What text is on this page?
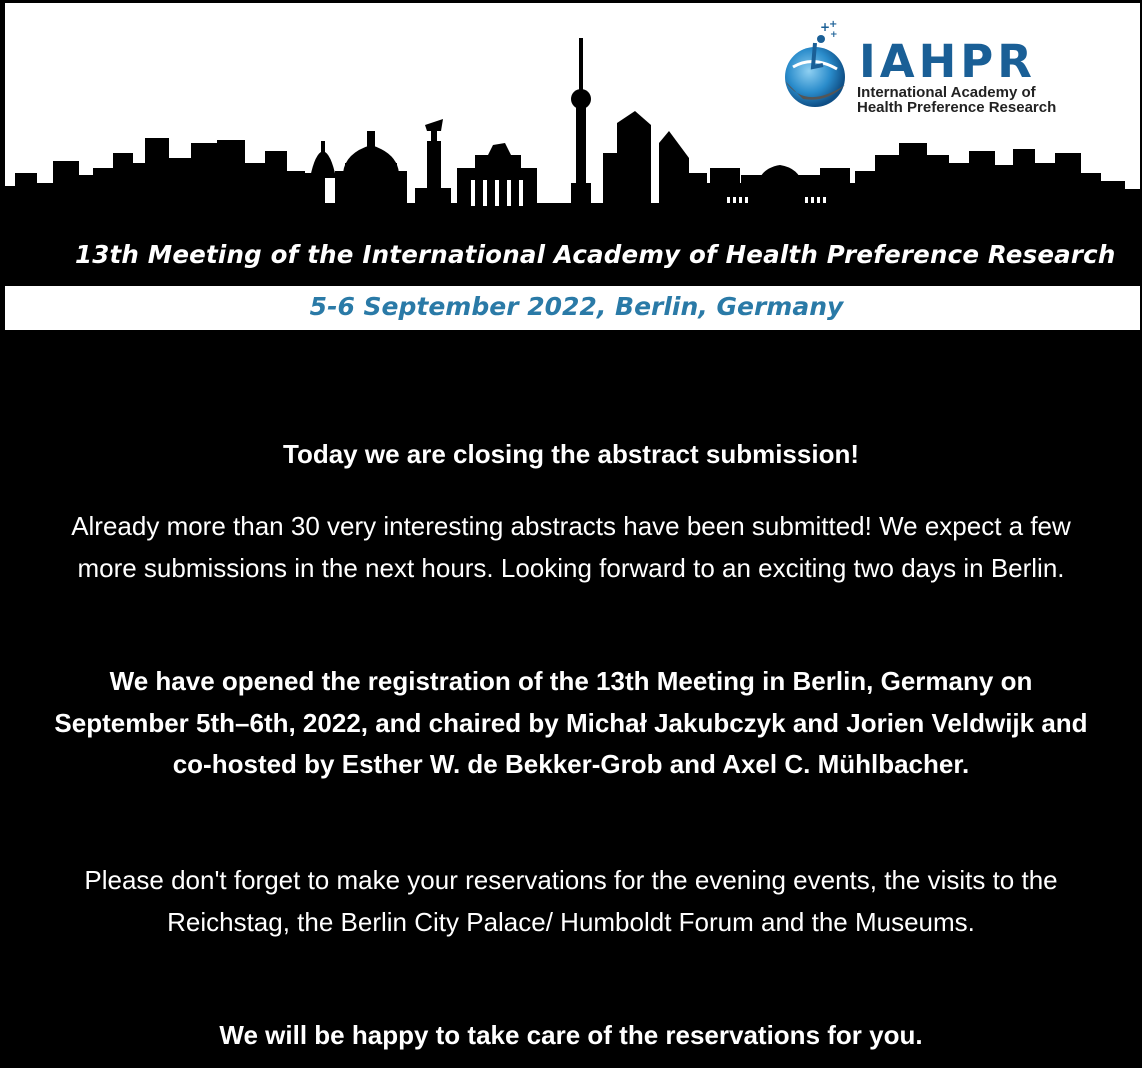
13th Meeting of the International Academy of Health Preference Research
5-6 September 2022, Berlin, Germany
+
+
+ IAHPR
International Academy of
Health Preference Research

Today we are closing the abstract submission!

Already more than 30 very interesting abstracts have been submitted! We expect a few more submissions in the next hours. Looking forward to an exciting two days in Berlin.

We have opened the registration of the 13th Meeting in Berlin, Germany on September 5th–6th, 2022, and chaired by Michał Jakubczyk and Jorien Veldwijk and co-hosted by Esther W. de Bekker-Grob and Axel C. Mühlbacher.

Please don't forget to make your reservations for the evening events, the visits to the Reichstag, the Berlin City Palace/ Humboldt Forum and the Museums.

We will be happy to take care of the reservations for you.
